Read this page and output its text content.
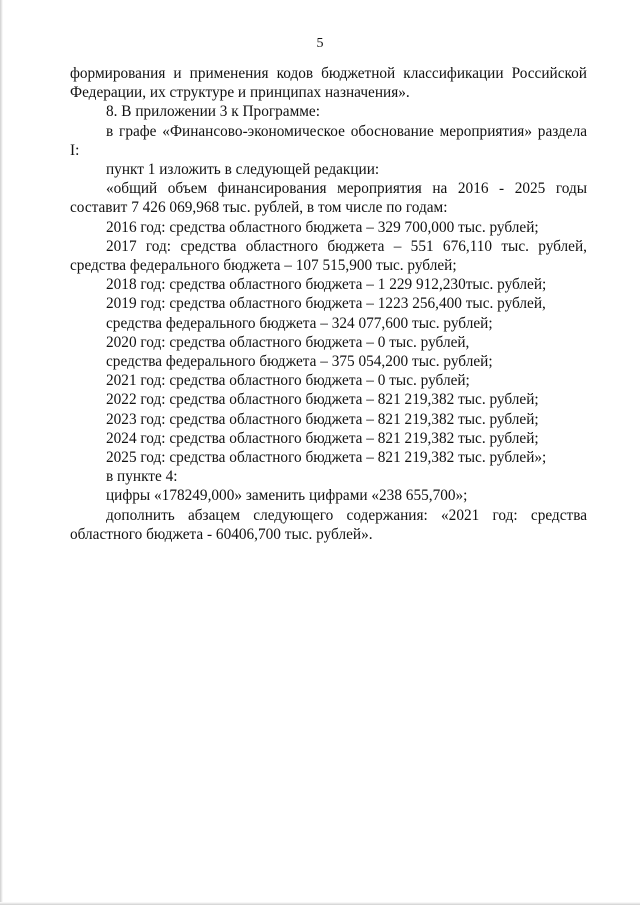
5

формирования и применения кодов бюджетной классификации Российской
Федерации, их структуре и принципах назначения».

8. В приложении 3 к Программе:

в графе «Финансово-экономическое обоснование мероприятия» раздела I:

пункт 1 изложить в следующей редакции:

«общий объем финансирования мероприятия на 2016 - 2025 годы
составит 7 426 069,968 тыс. рублей, в том числе по годам:

2016 год: средства областного бюджета – 329 700,000 тыс. рублей;

2017 год: средства областного бюджета – 551 676,110 тыс. рублей,
средства федерального бюджета – 107 515,900 тыс. рублей;

2018 год: средства областного бюджета – 1 229 912,230тыс. рублей;

2019 год: средства областного бюджета – 1223 256,400 тыс. рублей,

средства федерального бюджета – 324 077,600 тыс. рублей;

2020 год: средства областного бюджета – 0 тыс. рублей,

средства федерального бюджета – 375 054,200 тыс. рублей;

2021 год: средства областного бюджета – 0 тыс. рублей;

2022 год: средства областного бюджета – 821 219,382 тыс. рублей;

2023 год: средства областного бюджета – 821 219,382 тыс. рублей;

2024 год: средства областного бюджета – 821 219,382 тыс. рублей;

2025 год: средства областного бюджета – 821 219,382 тыс. рублей»;

в пункте 4:

цифры «178249,000» заменить цифрами «238 655,700»;

дополнить абзацем следующего содержания: «2021 год: средства
областного бюджета - 60406,700 тыс. рублей».
